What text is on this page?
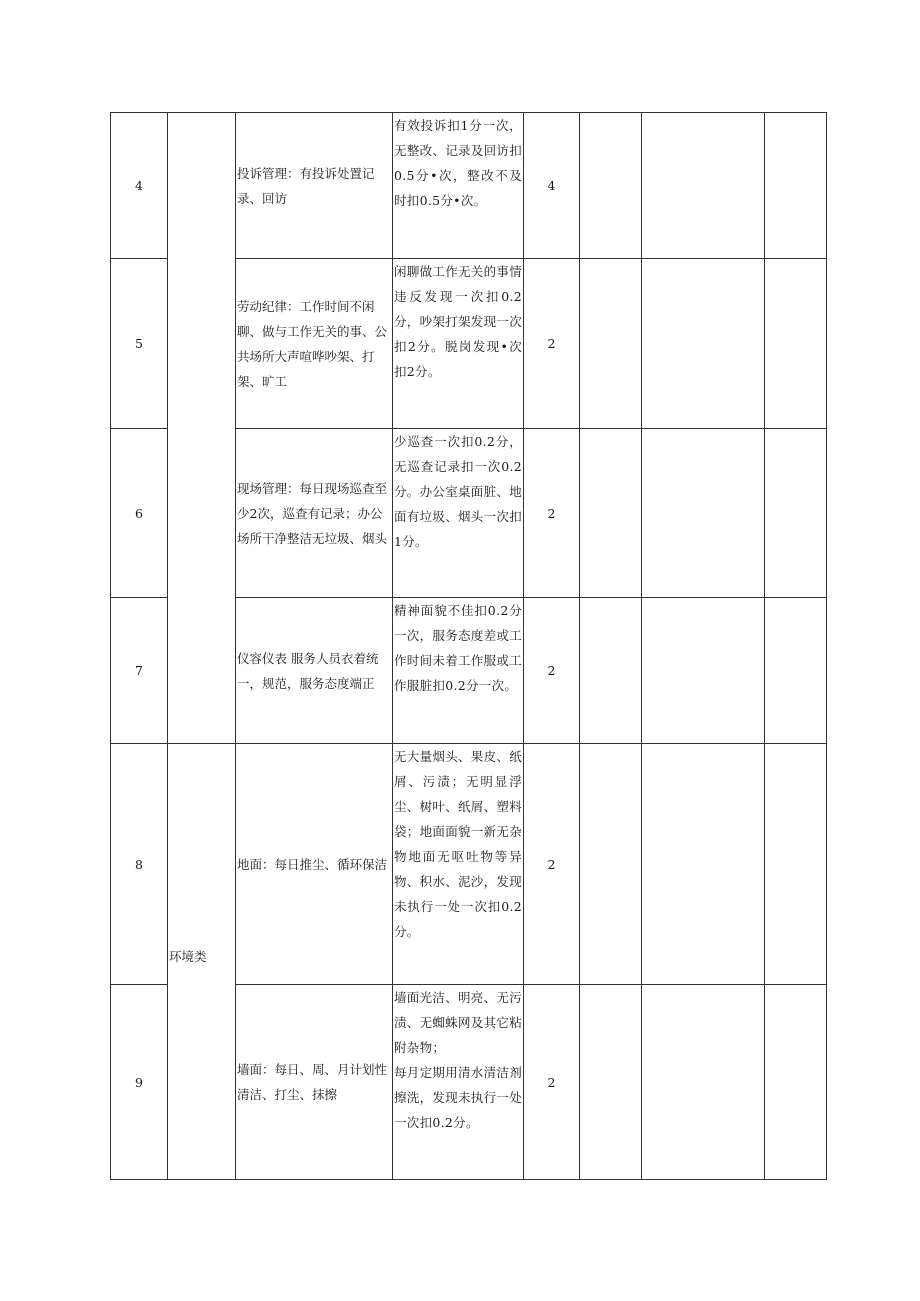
4		投诉管理：有投诉处置记录、回访	有效投诉扣1分一次，无整改、记录及回访扣0.5分•次，整改不及时扣0.5分•次。	4			
5		劳动纪律：工作时间不闲聊、做与工作无关的事、公共场所大声喧哗吵架、打架、旷工	闲聊做工作无关的事情违反发现一次扣0.2分，吵架打架发现一次扣2分。脱岗发现•次扣2分。	2			
6		现场管理：每日现场巡查至少2次，巡查有记录；办公场所干净整洁无垃圾、烟头	少巡查一次扣0.2分，无巡查记录扣一次0.2分。办公室桌面脏、地面有垃圾、烟头一次扣1分。	2			
7		仪容仪表 服务人员衣着统一，规范，服务态度端正	精神面貌不佳扣0.2分一次，服务态度差或工作时间未着工作服或工作服脏扣0.2分一次。	2			
8	环境类	地面：每日推尘、循环保洁	无大量烟头、果皮、纸屑、污渍；无明显浮尘、树叶、纸屑、塑料袋；地面面貌一新无杂物地面无呕吐物等异物、积水、泥沙，发现未执行一处一次扣0.2分。	2			
9		墙面：每日、周、月计划性清洁、打尘、抹擦	墙面光洁、明亮、无污渍、无蜘蛛网及其它粘附杂物；
每月定期用清水清洁剂擦洗，发现未执行一处一次扣0.2分。	2			
